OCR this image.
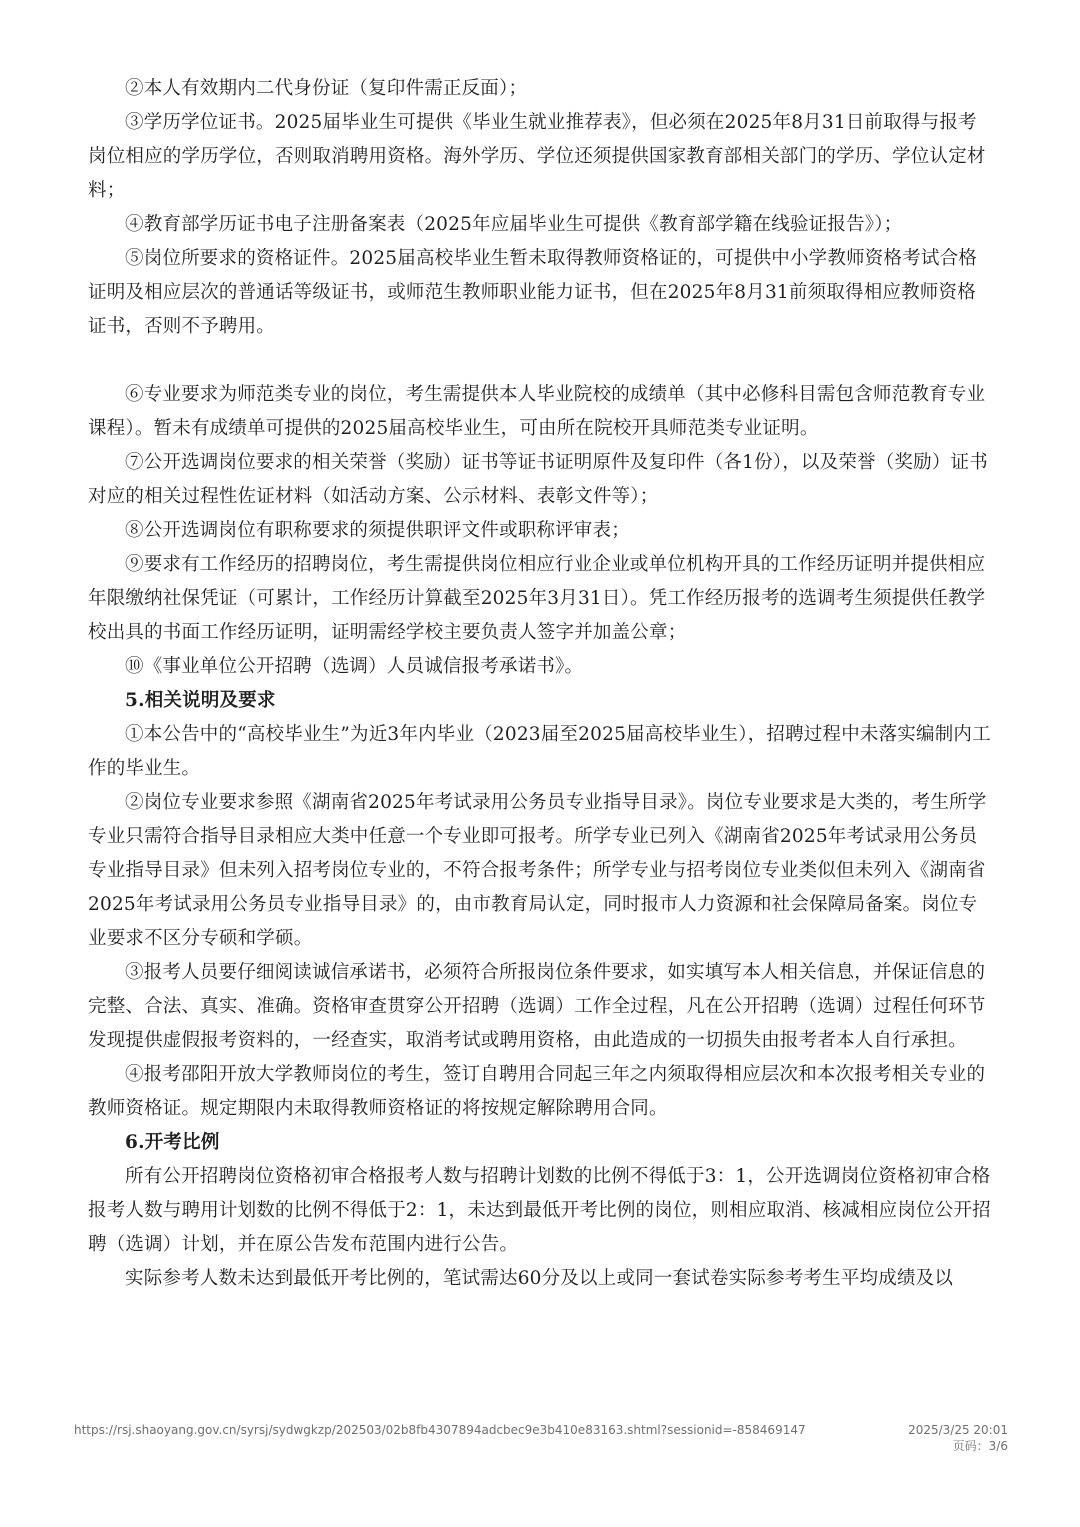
②本人有效期内二代身份证（复印件需正反面）；

③学历学位证书。2025届毕业生可提供《毕业生就业推荐表》，但必须在2025年8月31日前取得与报考岗位相应的学历学位，否则取消聘用资格。海外学历、学位还须提供国家教育部相关部门的学历、学位认定材料；

④教育部学历证书电子注册备案表（2025年应届毕业生可提供《教育部学籍在线验证报告》）；

⑤岗位所要求的资格证件。2025届高校毕业生暂未取得教师资格证的，可提供中小学教师资格考试合格证明及相应层次的普通话等级证书，或师范生教师职业能力证书，但在2025年8月31前须取得相应教师资格证书，否则不予聘用。

⑥专业要求为师范类专业的岗位，考生需提供本人毕业院校的成绩单（其中必修科目需包含师范教育专业课程）。暂未有成绩单可提供的2025届高校毕业生，可由所在院校开具师范类专业证明。

⑦公开选调岗位要求的相关荣誉（奖励）证书等证书证明原件及复印件（各1份），以及荣誉（奖励）证书对应的相关过程性佐证材料（如活动方案、公示材料、表彰文件等）；

⑧公开选调岗位有职称要求的须提供职评文件或职称评审表；

⑨要求有工作经历的招聘岗位，考生需提供岗位相应行业企业或单位机构开具的工作经历证明并提供相应年限缴纳社保凭证（可累计，工作经历计算截至2025年3月31日）。凭工作经历报考的选调考生须提供任教学校出具的书面工作经历证明，证明需经学校主要负责人签字并加盖公章；

⑩《事业单位公开招聘（选调）人员诚信报考承诺书》。

5.相关说明及要求

①本公告中的“高校毕业生”为近3年内毕业（2023届至2025届高校毕业生），招聘过程中未落实编制内工作的毕业生。

②岗位专业要求参照《湖南省2025年考试录用公务员专业指导目录》。岗位专业要求是大类的，考生所学专业只需符合指导目录相应大类中任意一个专业即可报考。所学专业已列入《湖南省2025年考试录用公务员专业指导目录》但未列入招考岗位专业的，不符合报考条件；所学专业与招考岗位专业类似但未列入《湖南省2025年考试录用公务员专业指导目录》的，由市教育局认定，同时报市人力资源和社会保障局备案。岗位专业要求不区分专硕和学硕。

③报考人员要仔细阅读诚信承诺书，必须符合所报岗位条件要求，如实填写本人相关信息，并保证信息的完整、合法、真实、准确。资格审查贯穿公开招聘（选调）工作全过程，凡在公开招聘（选调）过程任何环节发现提供虚假报考资料的，一经查实，取消考试或聘用资格，由此造成的一切损失由报考者本人自行承担。

④报考邵阳开放大学教师岗位的考生，签订自聘用合同起三年之内须取得相应层次和本次报考相关专业的教师资格证。规定期限内未取得教师资格证的将按规定解除聘用合同。

6.开考比例

所有公开招聘岗位资格初审合格报考人数与招聘计划数的比例不得低于3：1，公开选调岗位资格初审合格报考人数与聘用计划数的比例不得低于2：1，未达到最低开考比例的岗位，则相应取消、核减相应岗位公开招聘（选调）计划，并在原公告发布范围内进行公告。

实际参考人数未达到最低开考比例的，笔试需达60分及以上或同一套试卷实际参考考生平均成绩及以

https://rsj.shaoyang.gov.cn/syrsj/sydwgkzp/202503/02b8fb4307894adcbec9e3b410e83163.shtml?sessionid=-858469147	2025/3/25 20:01
页码：3/6
